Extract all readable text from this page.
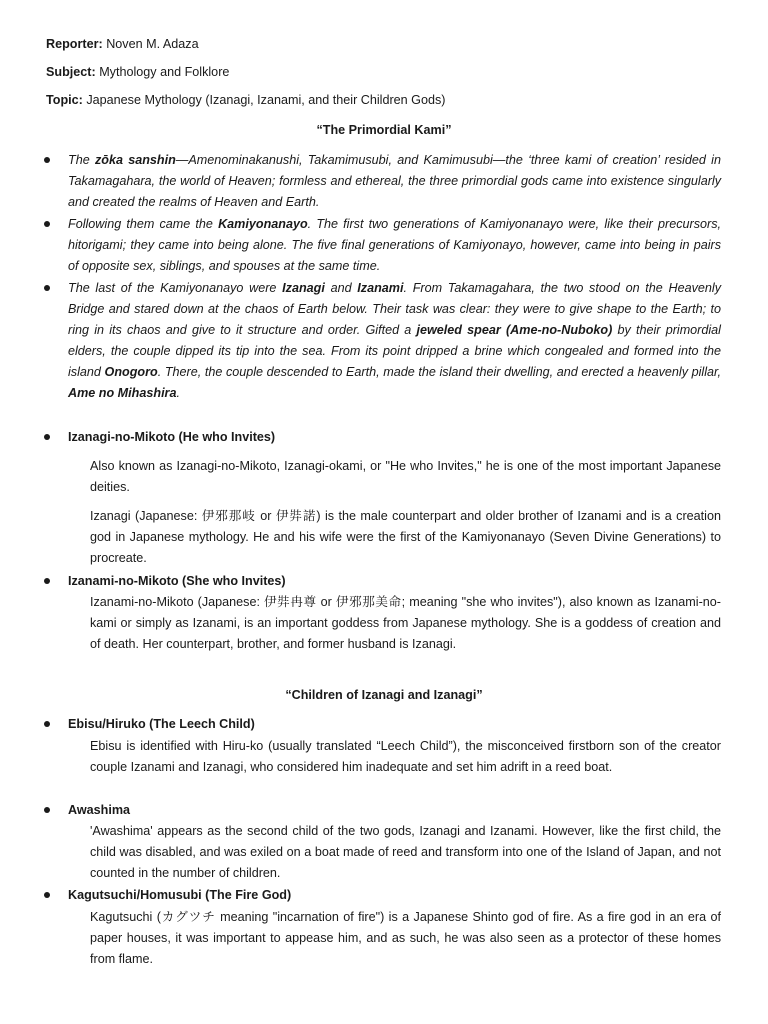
Reporter: Noven M. Adaza
Subject: Mythology and Folklore
Topic: Japanese Mythology (Izanagi, Izanami, and their Children Gods)
“The Primordial Kami”
The zōka sanshin—Amenominakanushi, Takamimusubi, and Kamimusubi—the ‘three kami of creation’ resided in Takamagahara, the world of Heaven; formless and ethereal, the three primordial gods came into existence singularly and created the realms of Heaven and Earth.
Following them came the Kamiyonanayo. The first two generations of Kamiyonanayo were, like their precursors, hitorigami; they came into being alone. The five final generations of Kamiyonayo, however, came into being in pairs of opposite sex, siblings, and spouses at the same time.
The last of the Kamiyonanayo were Izanagi and Izanami. From Takamagahara, the two stood on the Heavenly Bridge and stared down at the chaos of Earth below. Their task was clear: they were to give shape to the Earth; to ring in its chaos and give to it structure and order. Gifted a jeweled spear (Ame-no-Nuboko) by their primordial elders, the couple dipped its tip into the sea. From its point dripped a brine which congealed and formed into the island Onogoro. There, the couple descended to Earth, made the island their dwelling, and erected a heavenly pillar, Ame no Mihashira.
Izanagi-no-Mikoto (He who Invites)
Also known as Izanagi-no-Mikoto, Izanagi-okami, or "He who Invites," he is one of the most important Japanese deities.
Izanagi (Japanese: 伊邪那岐 or 伊弉諾) is the male counterpart and older brother of Izanami and is a creation god in Japanese mythology. He and his wife were the first of the Kamiyonanayo (Seven Divine Generations) to procreate.
Izanami-no-Mikoto (She who Invites)
Izanami-no-Mikoto (Japanese: 伊弉冉尊 or 伊邪那美命; meaning "she who invites"), also known as Izanami-no-kami or simply as Izanami, is an important goddess from Japanese mythology. She is a goddess of creation and of death. Her counterpart, brother, and former husband is Izanagi.
“Children of Izanagi and Izanagi”
Ebisu/Hiruko (The Leech Child)
Ebisu is identified with Hiru-ko (usually translated “Leech Child”), the misconceived firstborn son of the creator couple Izanami and Izanagi, who considered him inadequate and set him adrift in a reed boat.
Awashima
'Awashima' appears as the second child of the two gods, Izanagi and Izanami. However, like the first child, the child was disabled, and was exiled on a boat made of reed and transform into one of the Island of Japan, and not counted in the number of children.
Kagutsuchi/Homusubi (The Fire God)
Kagutsuchi (カグツチ meaning "incarnation of fire") is a Japanese Shinto god of fire. As a fire god in an era of paper houses, it was important to appease him, and as such, he was also seen as a protector of these homes from flame.
